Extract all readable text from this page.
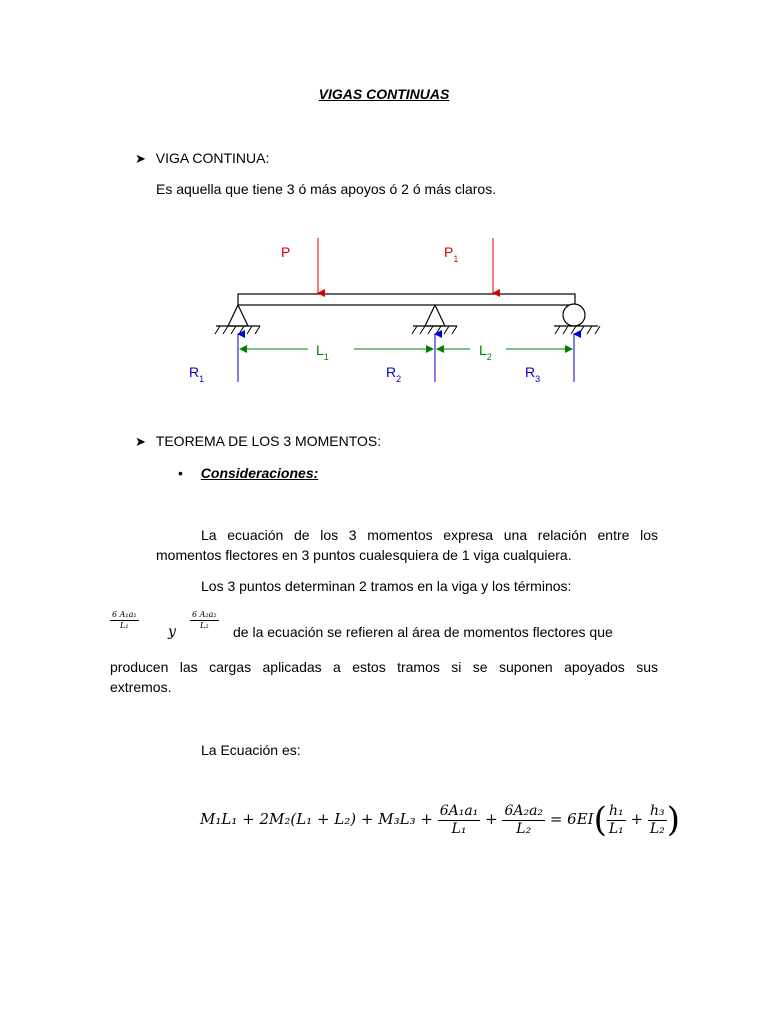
VIGAS CONTINUAS
➤ VIGA CONTINUA:
Es aquella que tiene 3 ó más apoyos ó 2 ó más claros.
P	$P_1$
$L_1$	$L_2$
$R_1$	$R_2$	$R_3$
➤ TEOREMA DE LOS 3 MOMENTOS:
• Consideraciones:
La ecuación de los 3 momentos expresa una relación entre los
momentos flectores en 3 puntos cualesquiera de 1 viga cualquiera.
Los 3 puntos determinan 2 tramos en la viga y los términos:
$\frac{\text{6 A₁a₁}}{\text{L₁}}$
y
$\frac{\text{6 A₂a₂}}{\text{L₂}}$
de la ecuación se refieren al área de momentos flectores que
producen las cargas aplicadas a estos tramos si se suponen apoyados sus
extremos.
La Ecuación es:
$M_1L_1 + 2M_2(L_1 + L_2) + M_3L_3 + \frac{\text{6A₁a₁}}{\text{L₁}} + \frac{\text{6A₂a₂}}{\text{L₂}} = 6EI( \frac{\text{h₁}}{\text{L₁}} + \frac{\text{h₃}}{\text{L₂}}$ )
